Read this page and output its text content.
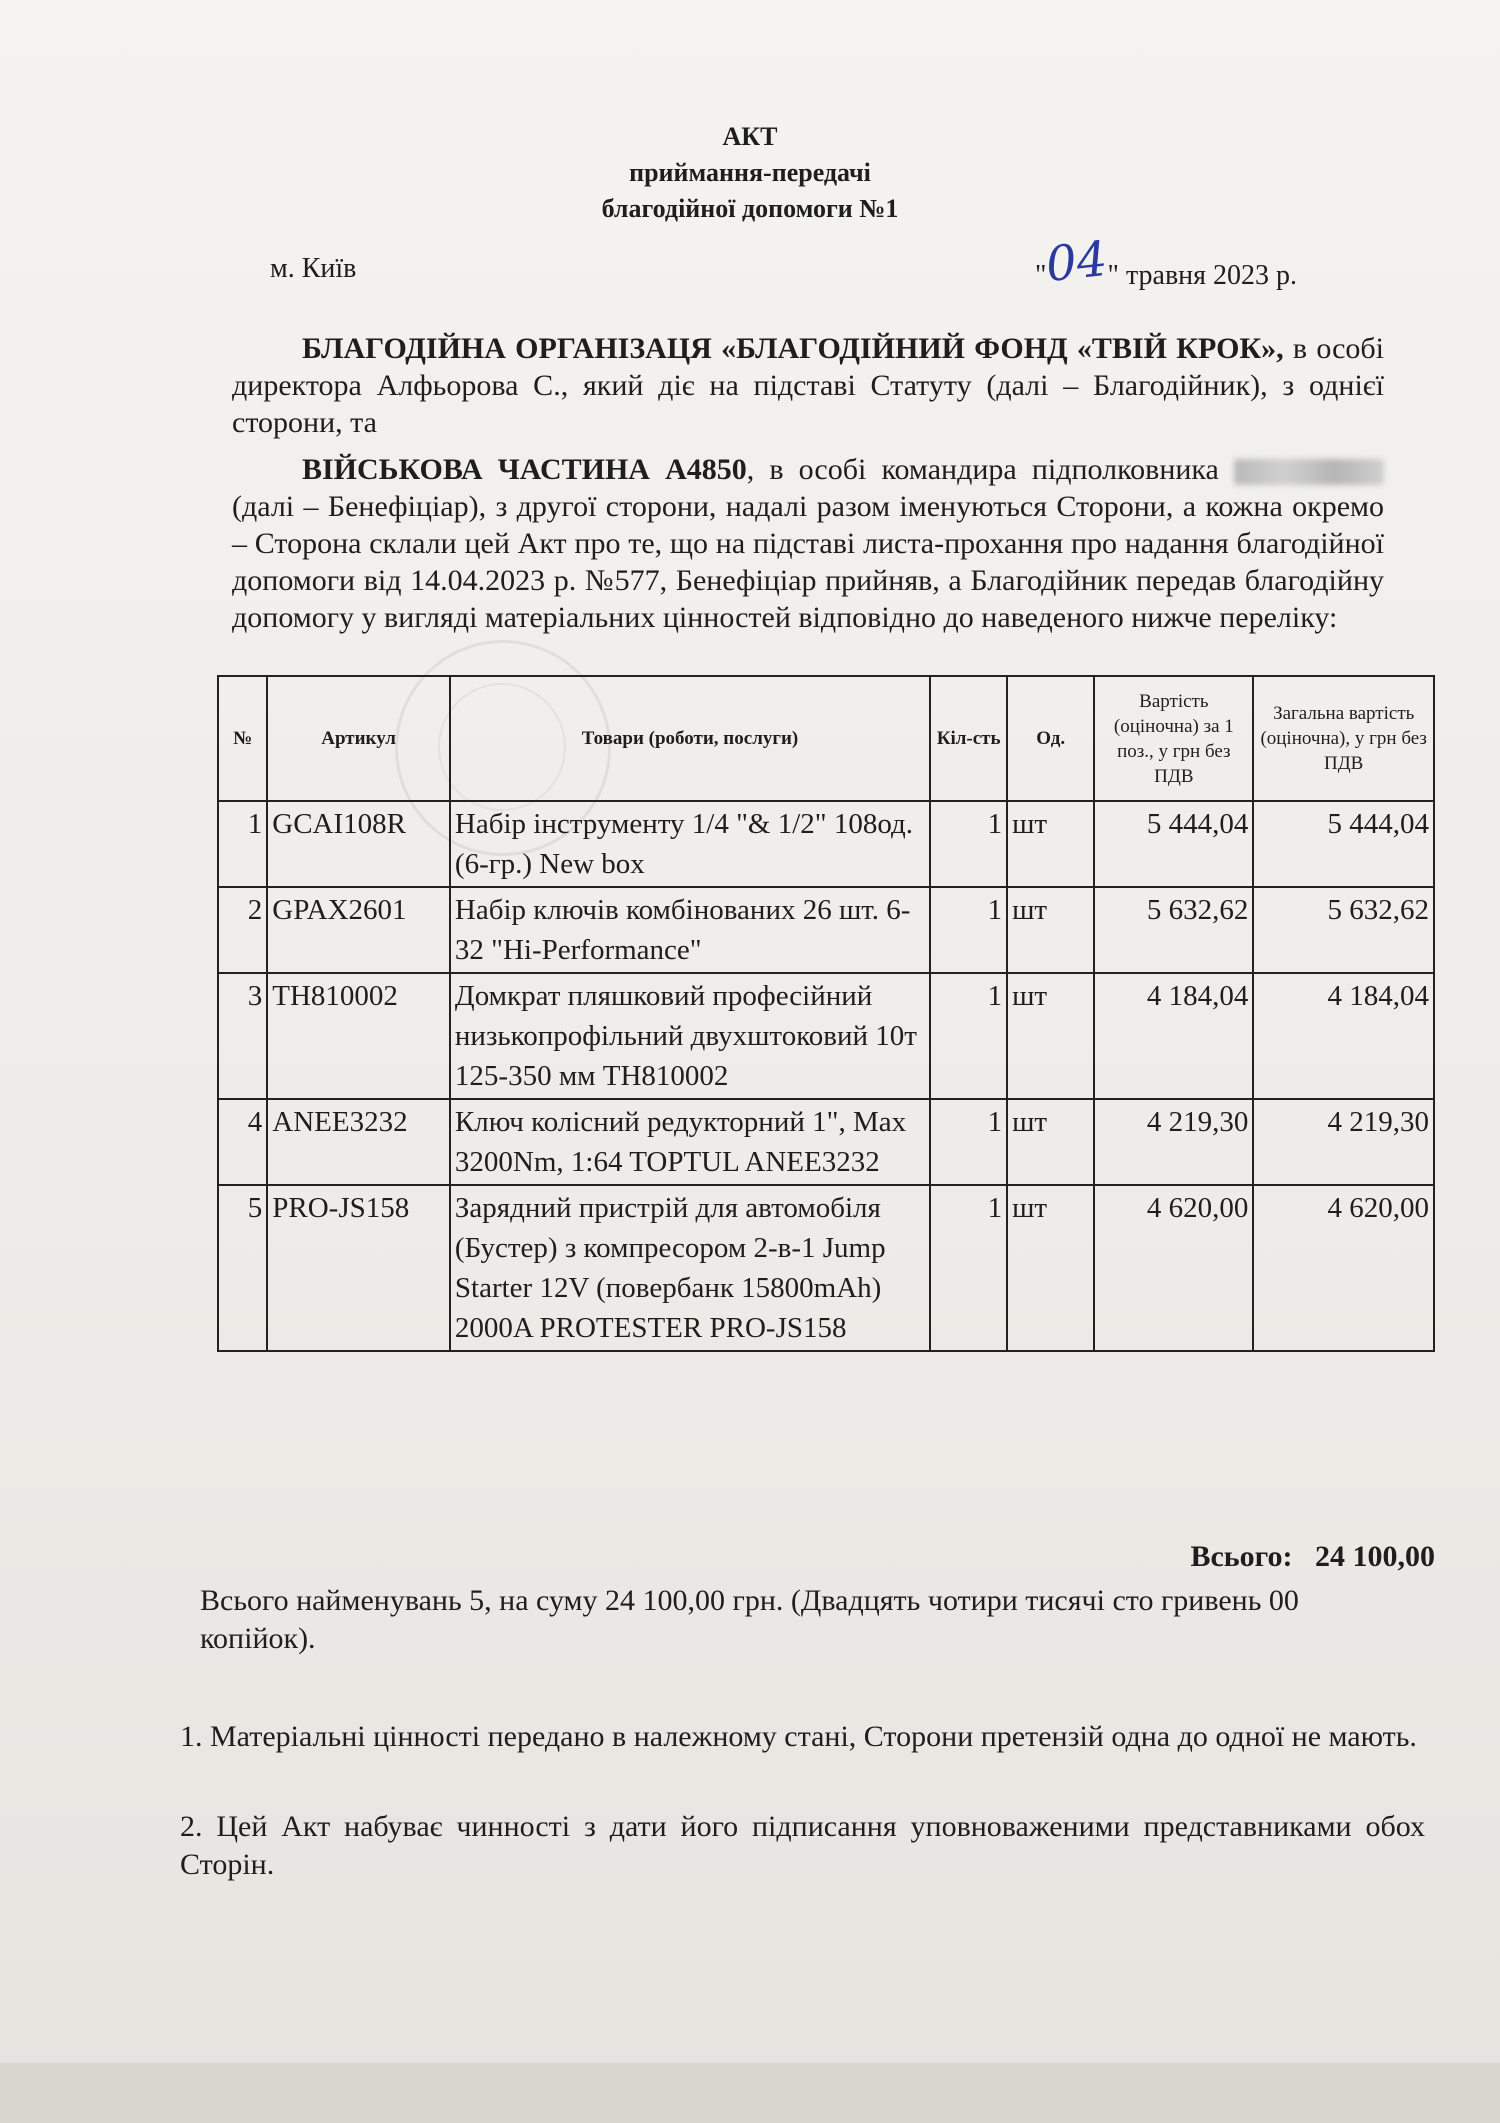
АКТ
приймання-передачі
благодійної допомоги №1
м. Київ	"04" травня 2023 р.
БЛАГОДІЙНА ОРГАНІЗАЦЯ «БЛАГОДІЙНИЙ ФОНД «ТВІЙ КРОК», в особі директора Алфьорова С., який діє на підставі Статуту (далі – Благодійник), з однієї сторони, та
ВІЙСЬКОВА ЧАСТИНА А4850, в особі командира підполковника  (далі – Бенефіціар), з другої сторони, надалі разом іменуються Сторони, а кожна окремо – Сторона склали цей Акт про те, що на підставі листа-прохання про надання благодійної допомоги від 14.04.2023 р. №577, Бенефіціар прийняв, а Благодійник передав благодійну допомогу у вигляді матеріальних цінностей відповідно до наведеного нижче переліку:
№	Артикул	Товари (роботи, послуги)	Кіл-сть	Од.	Вартість (оціночна) за 1 поз., у грн без ПДВ	Загальна вартість (оціночна), у грн без ПДВ
1	GCAI108R	Набір інструменту 1/4 "& 1/2" 108од. (6-гр.) New box	1	шт	5 444,04	5 444,04
2	GPAX2601	Набір ключів комбінованих 26 шт. 6-32 "Hi-Performance"	1	шт	5 632,62	5 632,62
3	TH810002	Домкрат пляшковий професійний низькопрофільний двухштоковий 10т 125-350 мм TH810002	1	шт	4 184,04	4 184,04
4	ANEE3232	Ключ колісний редукторний 1", Max 3200Nm, 1:64 TOPTUL ANEE3232	1	шт	4 219,30	4 219,30
5	PRO-JS158	Зарядний пристрій для автомобіля (Бустер) з компресором 2-в-1 Jump Starter 12V (повербанк 15800mAh) 2000A PROTESTER PRO-JS158	1	шт	4 620,00	4 620,00
Всього: 24 100,00
Всього найменувань 5, на суму 24 100,00 грн. (Двадцять чотири тисячі сто гривень 00 копійок).
1. Матеріальні цінності передано в належному стані, Сторони претензій одна до одної не мають.
2. Цей Акт набуває чинності з дати його підписання уповноваженими представниками обох Сторін.
